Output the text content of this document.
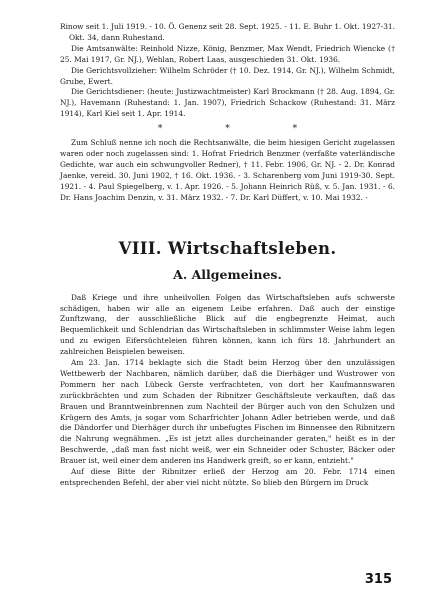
Rinow seit 1. Juli 1919. - 10. Ö. Genenz seit 28. Sept. 1925. - 11. E. Buhr 1. Okt. 1927-31. Okt. 34, dann Ruhestand.

Die Amtsanwälte: Reinhold Nizze, König, Benzmer, Max Wendt, Friedrich Wiencke († 25. Mai 1917, Gr. NJ.), Wehlan, Robert Laas, ausgeschieden 31. Okt. 1936.

Die Gerichtsvollzieher: Wilhelm Schröder († 10. Dez. 1914, Gr. NJ.), Wilhelm Schmidt, Grube, Ewert.

Die Gerichtsdiener: (heute: Justizwachtmeister) Karl Brockmann († 28. Aug. 1894, Gr. NJ.), Havemann (Ruhestand: 1. Jan. 1907), Friedrich Schackow (Ruhestand: 31. März 1914), Karl Kiel seit 1. Apr. 1914.

* * *

Zum Schluß nenne ich noch die Rechtsanwälte, die beim hiesigen Gericht zugelassen waren oder noch zugelassen sind: 1. Hofrat Friedrich Benzmer (verfaßte vaterländische Gedichte, war auch ein schwungvoller Redner), † 11. Febr. 1906, Gr. NJ. - 2. Dr. Konrad Jaenke, vereid. 30. Juni 1902, † 16. Okt. 1936. - 3. Scharenberg vom Juni 1919-30. Sept. 1921. - 4. Paul Spiegelberg, v. 1. Apr. 1926. - 5. Johann Heinrich Rüß, v. 5. Jan. 1931. - 6. Dr. Hans Joachim Denzin, v. 31. März 1932. - 7. Dr. Karl Düffert, v. 10. Mai 1932. -

VIII. Wirtschaftsleben.
A. Allgemeines.

Daß Kriege und ihre unheilvollen Folgen das Wirtschaftsleben aufs schwerste schädigen, haben wir alle an eigenem Leibe erfahren. Daß auch der einstige Zunftzwang, der ausschließliche Blick auf die engbegrenzte Heimat, auch Bequemlichkeit und Schlendrian das Wirtschaftsleben in schlimmster Weise lahm legen und zu ewigen Eifersüchteleien führen können, kann ich fürs 18. Jahrhundert an zahlreichen Beispielen beweisen.

Am 23. Jan. 1714 beklagte sich die Stadt beim Herzog über den unzulässigen Wettbewerb der Nachbaren, nämlich darüber, daß die Dierhäger und Wustrower von Pommern her nach Lübeck Gerste verfrachteten, von dort her Kaufmannswaren zurückbrächten und zum Schaden der Ribnitzer Geschäftsleute verkauften, daß das Brauen und Branntweinbrennen zum Nachteil der Bürger auch von den Schulzen und Krügern des Amts, ja sogar vom Scharfrichter Johann Adler betrieben werde, und daß die Dändorfer und Dierhäger durch ihr unbefugtes Fischen im Binnensee den Ribnitzern die Nahrung wegnähmen. „Es ist jetzt alles durcheinander geraten," heißt es in der Beschwerde, „daß man fast nicht weiß, wer ein Schneider oder Schuster, Bäcker oder Brauer ist, weil einer dem anderen ins Handwerk greift, so er kann, entzieht."

Auf diese Bitte der Ribnitzer erließ der Herzog am 20. Febr. 1714 einen entsprechenden Befehl, der aber viel nicht nützte. So blieb den Bürgern im Druck

315
